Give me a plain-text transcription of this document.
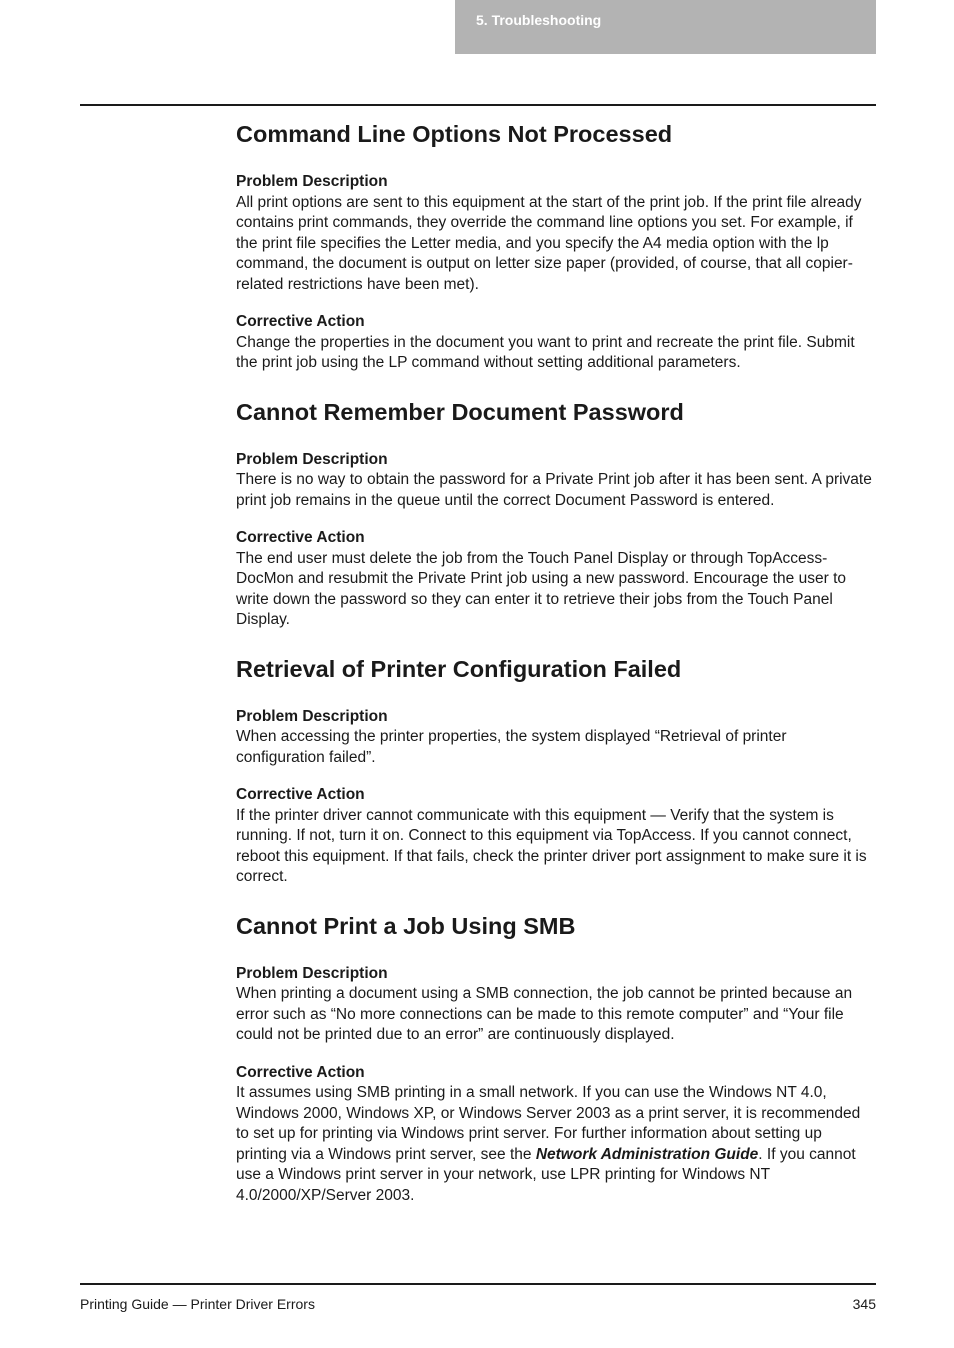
5. Troubleshooting
Command Line Options Not Processed

Problem Description

All print options are sent to this equipment at the start of the print job. If the print file already contains print commands, they override the command line options you set. For example, if the print file specifies the Letter media, and you specify the A4 media option with the lp command, the document is output on letter size paper (provided, of course, that all copier-related restrictions have been met).

Corrective Action

Change the properties in the document you want to print and recreate the print file. Submit the print job using the LP command without setting additional parameters.

Cannot Remember Document Password

Problem Description

There is no way to obtain the password for a Private Print job after it has been sent. A private print job remains in the queue until the correct Document Password is entered.

Corrective Action

The end user must delete the job from the Touch Panel Display or through TopAccess-DocMon and resubmit the Private Print job using a new password. Encourage the user to write down the password so they can enter it to retrieve their jobs from the Touch Panel Display.

Retrieval of Printer Configuration Failed

Problem Description

When accessing the printer properties, the system displayed “Retrieval of printer configuration failed”.

Corrective Action

If the printer driver cannot communicate with this equipment — Verify that the system is running. If not, turn it on. Connect to this equipment via TopAccess. If you cannot connect, reboot this equipment. If that fails, check the printer driver port assignment to make sure it is correct.

Cannot Print a Job Using SMB

Problem Description

When printing a document using a SMB connection, the job cannot be printed because an error such as “No more connections can be made to this remote computer” and “Your file could not be printed due to an error” are continuously displayed.

Corrective Action

It assumes using SMB printing in a small network. If you can use the Windows NT 4.0, Windows 2000, Windows XP, or Windows Server 2003 as a print server, it is recommended to set up for printing via Windows print server. For further information about setting up printing via a Windows print server, see the Network Administration Guide. If you cannot use a Windows print server in your network, use LPR printing for Windows NT 4.0/2000/XP/Server 2003.

Printing Guide — Printer Driver Errors	345
